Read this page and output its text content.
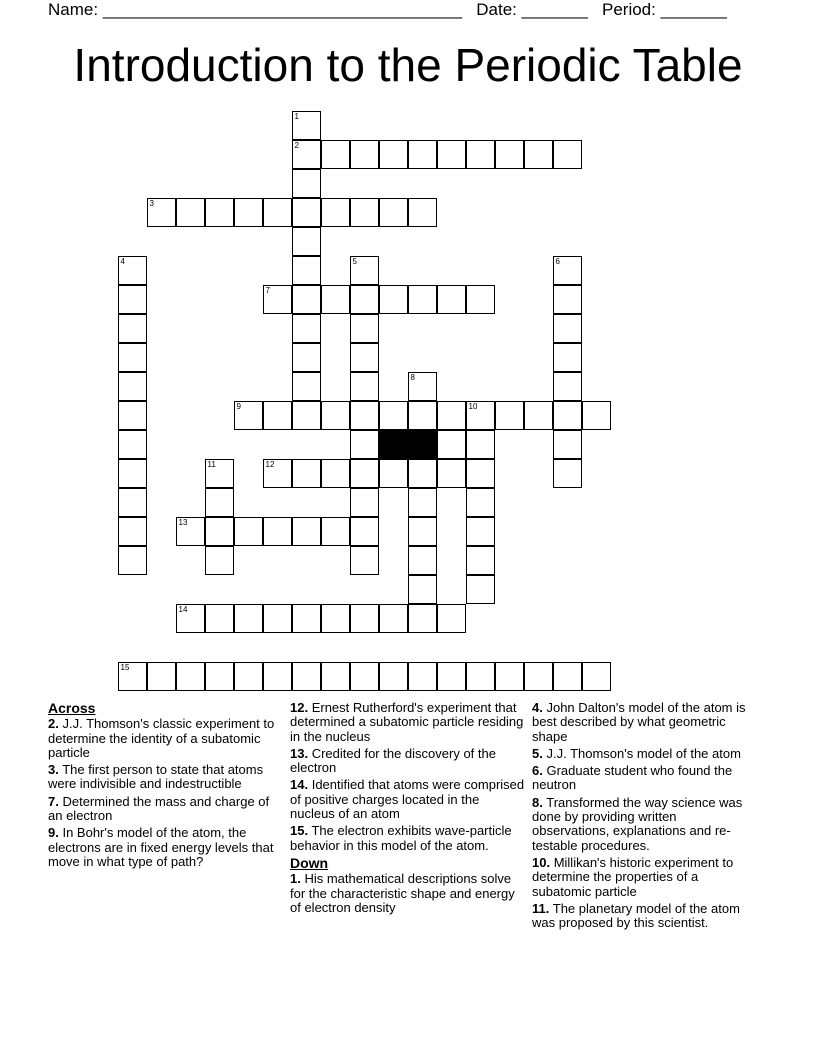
Name: ______________________________________ Date: _______ Period: _______
Introduction to the Periodic Table
1
2
3
4	5	6
7
8
9	10
11	12
13
14
15
Across
2. J.J. Thomson's classic experiment to determine the identity of a subatomic particle
3. The first person to state that atoms were indivisible and indestructible
7. Determined the mass and charge of an electron
9. In Bohr's model of the atom, the electrons are in fixed energy levels that move in what type of path?
12. Ernest Rutherford's experiment that determined a subatomic particle residing in the nucleus
13. Credited for the discovery of the electron
14. Identified that atoms were comprised of positive charges located in the nucleus of an atom
15. The electron exhibits wave-particle behavior in this model of the atom.
Down
1. His mathematical descriptions solve for the characteristic shape and energy of electron density
4. John Dalton's model of the atom is best described by what geometric shape
5. J.J. Thomson's model of the atom
6. Graduate student who found the neutron
8. Transformed the way science was done by providing written observations, explanations and re-testable procedures.
10. Millikan's historic experiment to determine the properties of a subatomic particle
11. The planetary model of the atom was proposed by this scientist.
